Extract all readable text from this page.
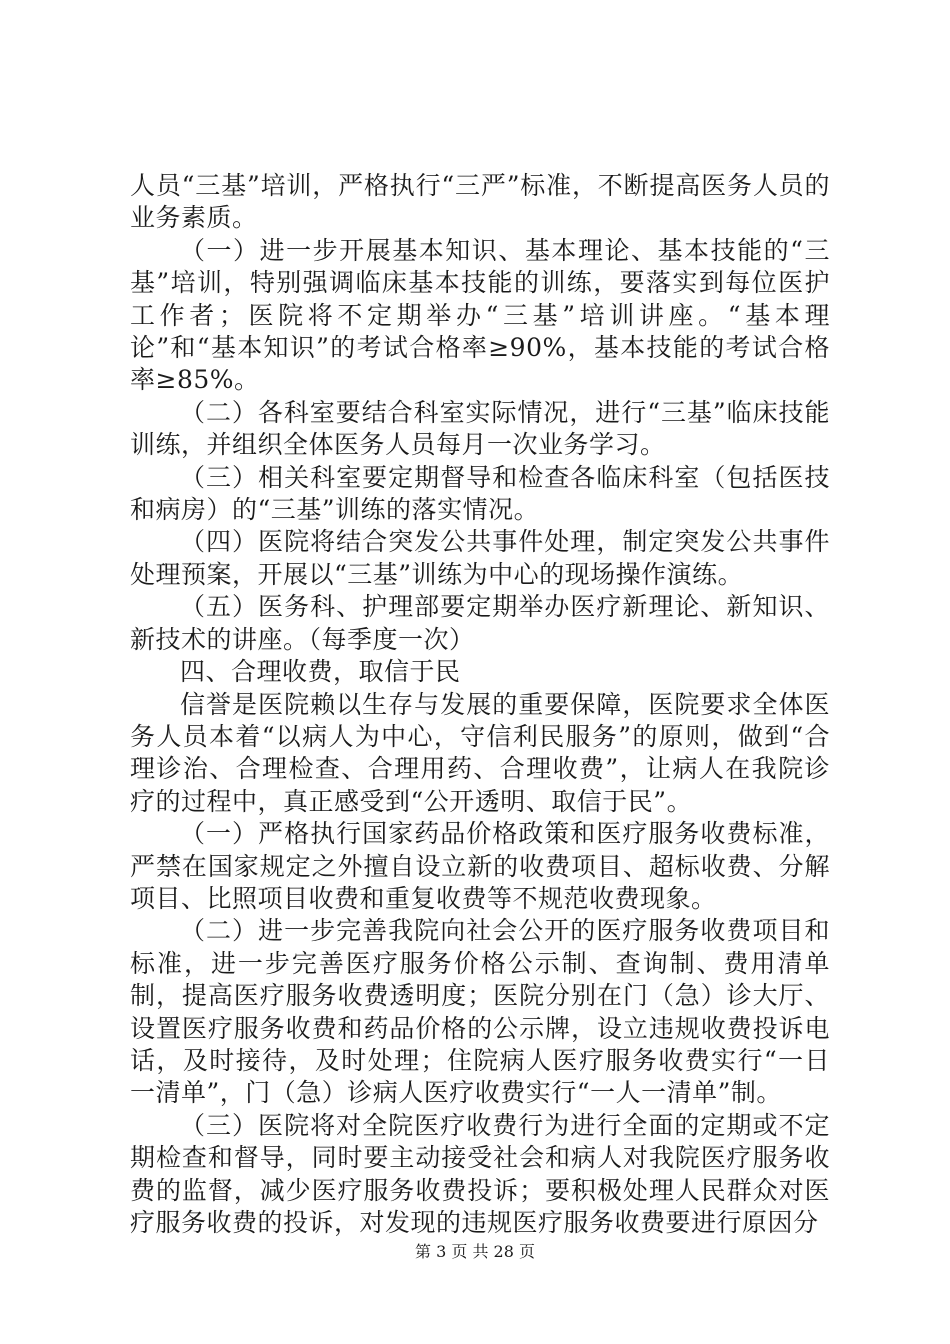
人员“三基”培训，严格执行“三严”标准，不断提高医务人员的业务素质。

（一）进一步开展基本知识、基本理论、基本技能的“三基”培训，特别强调临床基本技能的训练，要落实到每位医护工作者；医院将不定期举办“三基”培训讲座。“基本理论”和“基本知识”的考试合格率≥90%，基本技能的考试合格率≥85%。

（二）各科室要结合科室实际情况，进行“三基”临床技能训练，并组织全体医务人员每月一次业务学习。

（三）相关科室要定期督导和检查各临床科室（包括医技和病房）的“三基”训练的落实情况。

（四）医院将结合突发公共事件处理，制定突发公共事件处理预案，开展以“三基”训练为中心的现场操作演练。

（五）医务科、护理部要定期举办医疗新理论、新知识、新技术的讲座。（每季度一次）

四、合理收费，取信于民

信誉是医院赖以生存与发展的重要保障，医院要求全体医务人员本着“以病人为中心，守信利民服务”的原则，做到“合理诊治、合理检查、合理用药、合理收费”，让病人在我院诊疗的过程中，真正感受到“公开透明、取信于民”。

（一）严格执行国家药品价格政策和医疗服务收费标准，严禁在国家规定之外擅自设立新的收费项目、超标收费、分解项目、比照项目收费和重复收费等不规范收费现象。

（二）进一步完善我院向社会公开的医疗服务收费项目和标准，进一步完善医疗服务价格公示制、查询制、费用清单制，提高医疗服务收费透明度；医院分别在门（急）诊大厅、设置医疗服务收费和药品价格的公示牌，设立违规收费投诉电话，及时接待，及时处理；住院病人医疗服务收费实行“一日一清单”，门（急）诊病人医疗收费实行“一人一清单”制。

（三）医院将对全院医疗收费行为进行全面的定期或不定期检查和督导，同时要主动接受社会和病人对我院医疗服务收费的监督，减少医疗服务收费投诉；要积极处理人民群众对医疗服务收费的投诉，对发现的违规医疗服务收费要进行原因分

第 3 页 共 28 页
